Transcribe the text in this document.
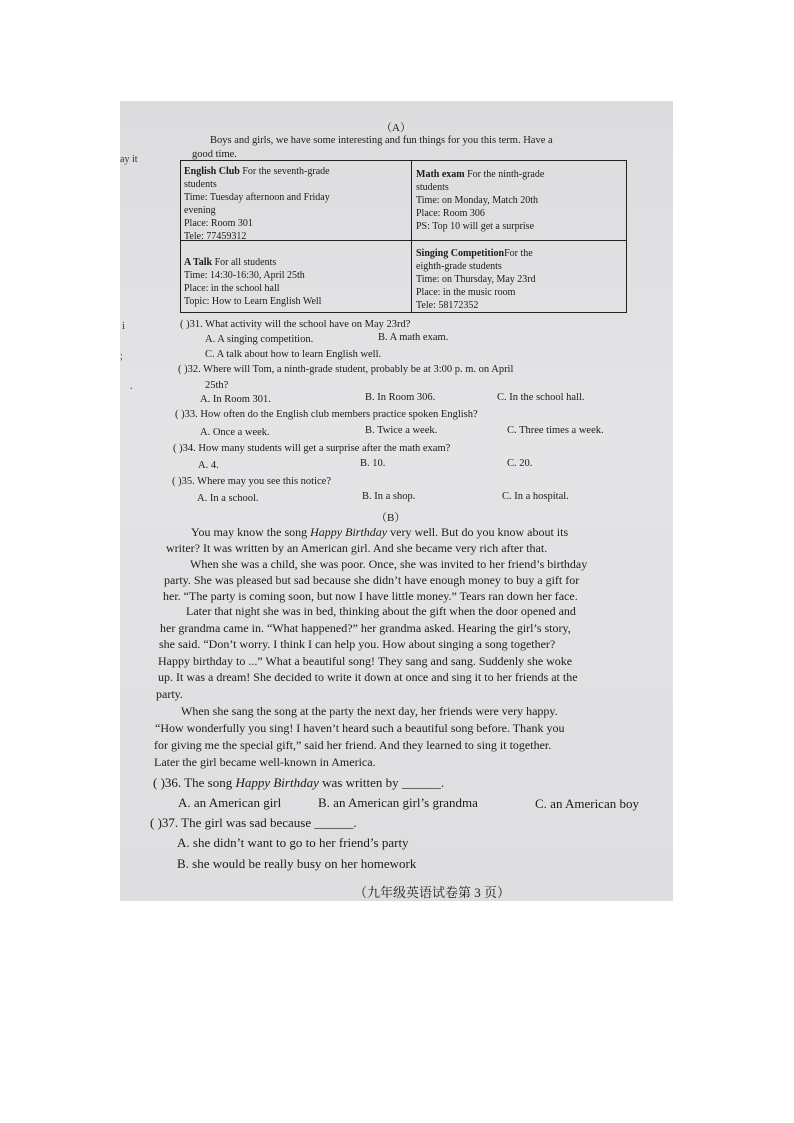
ay it
i
;
.
（A）
Boys and girls, we have some interesting and fun things for you this term. Have a
good time.
English Club For the seventh-grade
students
Time: Tuesday afternoon and Friday
evening
Place: Room 301
Tele: 77459312
Math exam For the ninth-grade
students
Time: on Monday, Match 20th
Place: Room 306
PS: Top 10 will get a surprise
A Talk For all students
Time: 14:30-16:30, April 25th
Place: in the school hall
Topic: How to Learn English Well
Singing CompetitionFor the
eighth-grade students
Time: on Thursday, May 23rd
Place: in the music room
Tele: 58172352
( )31. What activity will the school have on May 23rd?
A. A singing competition.	B. A math exam.
C. A talk about how to learn English well.
( )32. Where will Tom, a ninth-grade student, probably be at 3:00 p. m. on April
25th?
A. In Room 301.	B. In Room 306.	C. In the school hall.
( )33. How often do the English club members practice spoken English?
A. Once a week.	B. Twice a week.	C. Three times a week.
( )34. How many students will get a surprise after the math exam?
A. 4.	B. 10.	C. 20.
( )35. Where may you see this notice?
A. In a school.	B. In a shop.	C. In a hospital.
（B）
You may know the song Happy Birthday very well. But do you know about its
writer? It was written by an American girl. And she became very rich after that.
When she was a child, she was poor. Once, she was invited to her friend’s birthday
party. She was pleased but sad because she didn’t have enough money to buy a gift for
her. “The party is coming soon, but now I have little money.” Tears ran down her face.
Later that night she was in bed, thinking about the gift when the door opened and
her grandma came in. “What happened?” her grandma asked. Hearing the girl’s story,
she said. “Don’t worry. I think I can help you. How about singing a song together?
Happy birthday to ...” What a beautiful song! They sang and sang. Suddenly she woke
up. It was a dream! She decided to write it down at once and sing it to her friends at the
party.
When she sang the song at the party the next day, her friends were very happy.
“How wonderfully you sing! I haven’t heard such a beautiful song before. Thank you
for giving me the special gift,” said her friend. And they learned to sing it together.
Later the girl became well-known in America.
( )36. The song Happy Birthday was written by ______.
A. an American girl	B. an American girl’s grandma	C. an American boy
( )37. The girl was sad because ______.
A. she didn’t want to go to her friend’s party
B. she would be really busy on her homework
（九年级英语试卷第 3 页）
